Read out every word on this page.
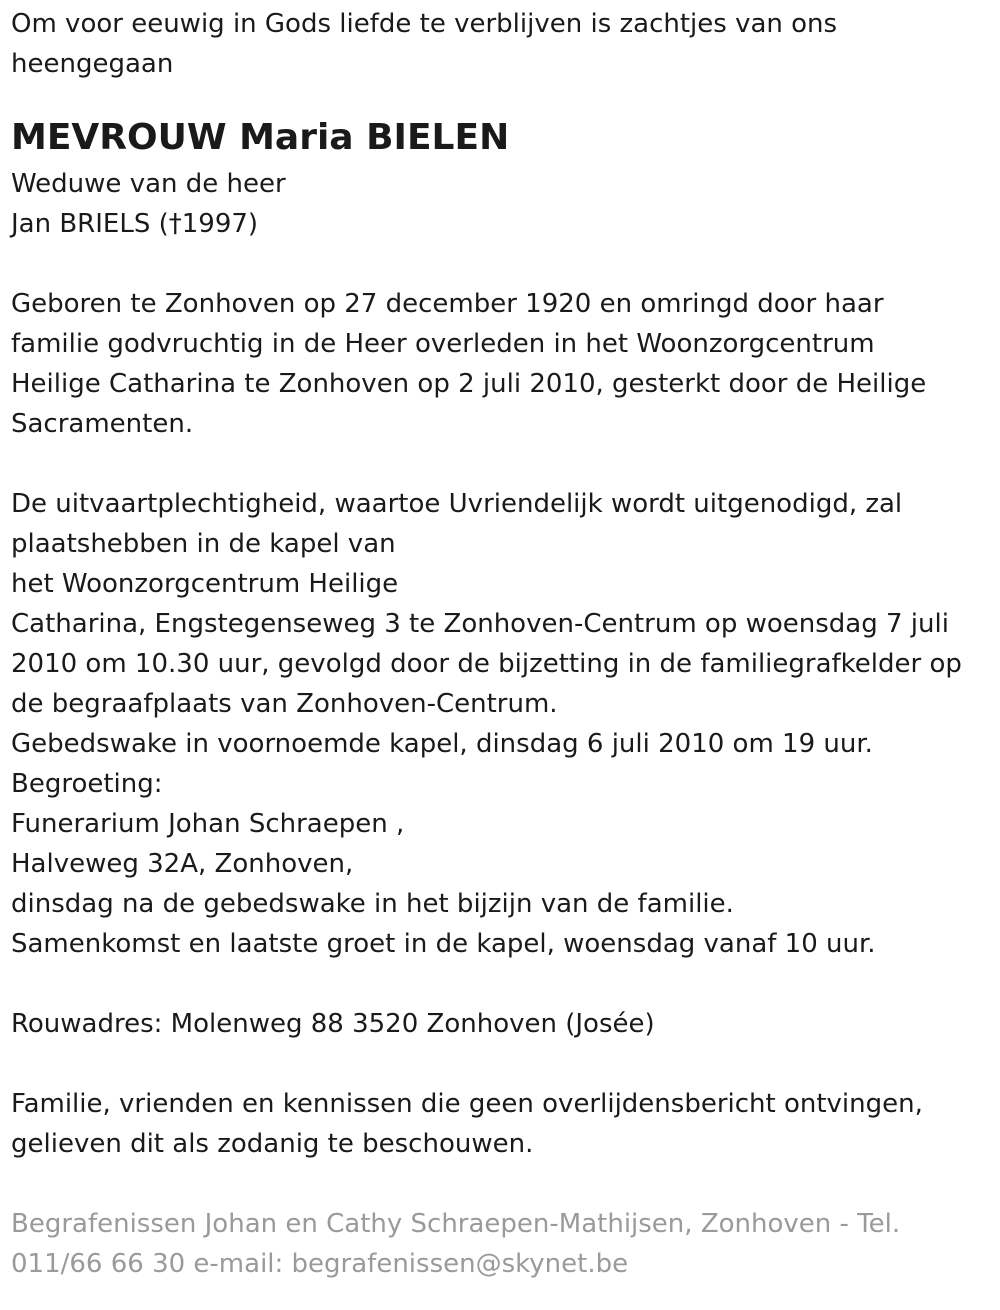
Om voor eeuwig in Gods liefde te verblijven is zachtjes van ons
heengegaan
MEVROUW Maria BIELEN
Weduwe van de heer
Jan BRIELS (†1997)
Geboren te Zonhoven op 27 december 1920 en omringd door haar
familie godvruchtig in de Heer overleden in het Woonzorgcentrum
Heilige Catharina te Zonhoven op 2 juli 2010, gesterkt door de Heilige
Sacramenten.
De uitvaartplechtigheid, waartoe Uvriendelijk wordt uitgenodigd, zal
plaatshebben in de kapel van
het Woonzorgcentrum Heilige
Catharina, Engstegenseweg 3 te Zonhoven-Centrum op woensdag 7 juli
2010 om 10.30 uur, gevolgd door de bijzetting in de familiegrafkelder op
de begraafplaats van Zonhoven-Centrum.
Gebedswake in voornoemde kapel, dinsdag 6 juli 2010 om 19 uur.
Begroeting:
Funerarium Johan Schraepen ,
Halveweg 32A, Zonhoven,
dinsdag na de gebedswake in het bijzijn van de familie.
Samenkomst en laatste groet in de kapel, woensdag vanaf 10 uur.
Rouwadres: Molenweg 88 3520 Zonhoven (Josée)
Familie, vrienden en kennissen die geen overlijdensbericht ontvingen,
gelieven dit als zodanig te beschouwen.
Begrafenissen Johan en Cathy Schraepen-Mathijsen, Zonhoven - Tel.
011/66 66 30 e-mail: begrafenissen@skynet.be
